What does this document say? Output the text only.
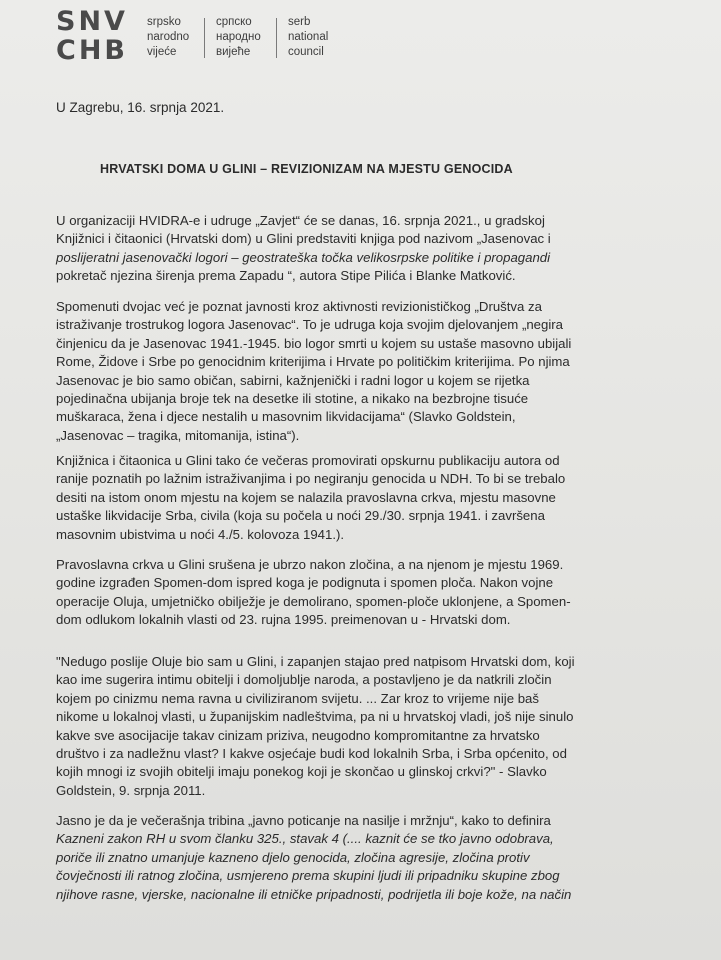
SNV
CHB
srpsko
narodno
vijeće
српско
народно
вијеће
serb
national
council
U Zagrebu, 16. srpnja 2021.
HRVATSKI DOMA U GLINI – REVIZIONIZAM NA MJESTU GENOCIDA
U organizaciji HVIDRA-e i udruge „Zavjet“ će se danas, 16. srpnja 2021., u gradskoj
Knjižnici i čitaonici (Hrvatski dom) u Glini predstaviti knjiga pod nazivom „Jasenovac i
poslijeratni jasenovački logori – geostrateška točka velikosrpske politike i propagandi
pokretač njezina širenja prema Zapadu “, autora Stipe Pilića i Blanke Matković.
Spomenuti dvojac već je poznat javnosti kroz aktivnosti revizionističkog „Društva za
istraživanje trostrukog logora Jasenovac“. To je udruga koja svojim djelovanjem „negira
činjenicu da je Jasenovac 1941.-1945. bio logor smrti u kojem su ustaše masovno ubijali
Rome, Židove i Srbe po genocidnim kriterijima i Hrvate po političkim kriterijima. Po njima
Jasenovac je bio samo običan, sabirni, kažnjenički i radni logor u kojem se rijetka
pojedinačna ubijanja broje tek na desetke ili stotine, a nikako na bezbrojne tisuće
muškaraca, žena i djece nestalih u masovnim likvidacijama“ (Slavko Goldstein,
„Jasenovac – tragika, mitomanija, istina“).
Knjižnica i čitaonica u Glini tako će večeras promovirati opskurnu publikaciju autora od
ranije poznatih po lažnim istraživanjima i po negiranju genocida u NDH. To bi se trebalo
desiti na istom onom mjestu na kojem se nalazila pravoslavna crkva, mjestu masovne
ustaške likvidacije Srba, civila (koja su počela u noći 29./30. srpnja 1941. i završena
masovnim ubistvima u noći 4./5. kolovoza 1941.).
Pravoslavna crkva u Glini srušena je ubrzo nakon zločina, a na njenom je mjestu 1969.
godine izgrađen Spomen-dom ispred koga je podignuta i spomen ploča. Nakon vojne
operacije Oluja, umjetničko obilježje je demolirano, spomen-ploče uklonjene, a Spomen-
dom odlukom lokalnih vlasti od 23. rujna 1995. preimenovan u - Hrvatski dom.
"Nedugo poslije Oluje bio sam u Glini, i zapanjen stajao pred natpisom Hrvatski dom, koji
kao ime sugerira intimu obitelji i domoljublje naroda, a postavljeno je da natkrili zločin
kojem po cinizmu nema ravna u civiliziranom svijetu. ... Zar kroz to vrijeme nije baš
nikome u lokalnoj vlasti, u županijskim nadleštvima, pa ni u hrvatskoj vladi, još nije sinulo
kakve sve asocijacije takav cinizam priziva, neugodno kompromitantne za hrvatsko
društvo i za nadležnu vlast? I kakve osjećaje budi kod lokalnih Srba, i Srba općenito, od
kojih mnogi iz svojih obitelji imaju ponekog koji je skončao u glinskoj crkvi?" - Slavko
Goldstein, 9. srpnja 2011.
Jasno je da je večerašnja tribina „javno poticanje na nasilje i mržnju“, kako to definira
Kazneni zakon RH u svom članku 325., stavak 4 (.... kaznit će se tko javno odobrava,
poriče ili znatno umanjuje kazneno djelo genocida, zločina agresije, zločina protiv
čovječnosti ili ratnog zločina, usmjereno prema skupini ljudi ili pripadniku skupine zbog
njihove rasne, vjerske, nacionalne ili etničke pripadnosti, podrijetla ili boje kože, na način
